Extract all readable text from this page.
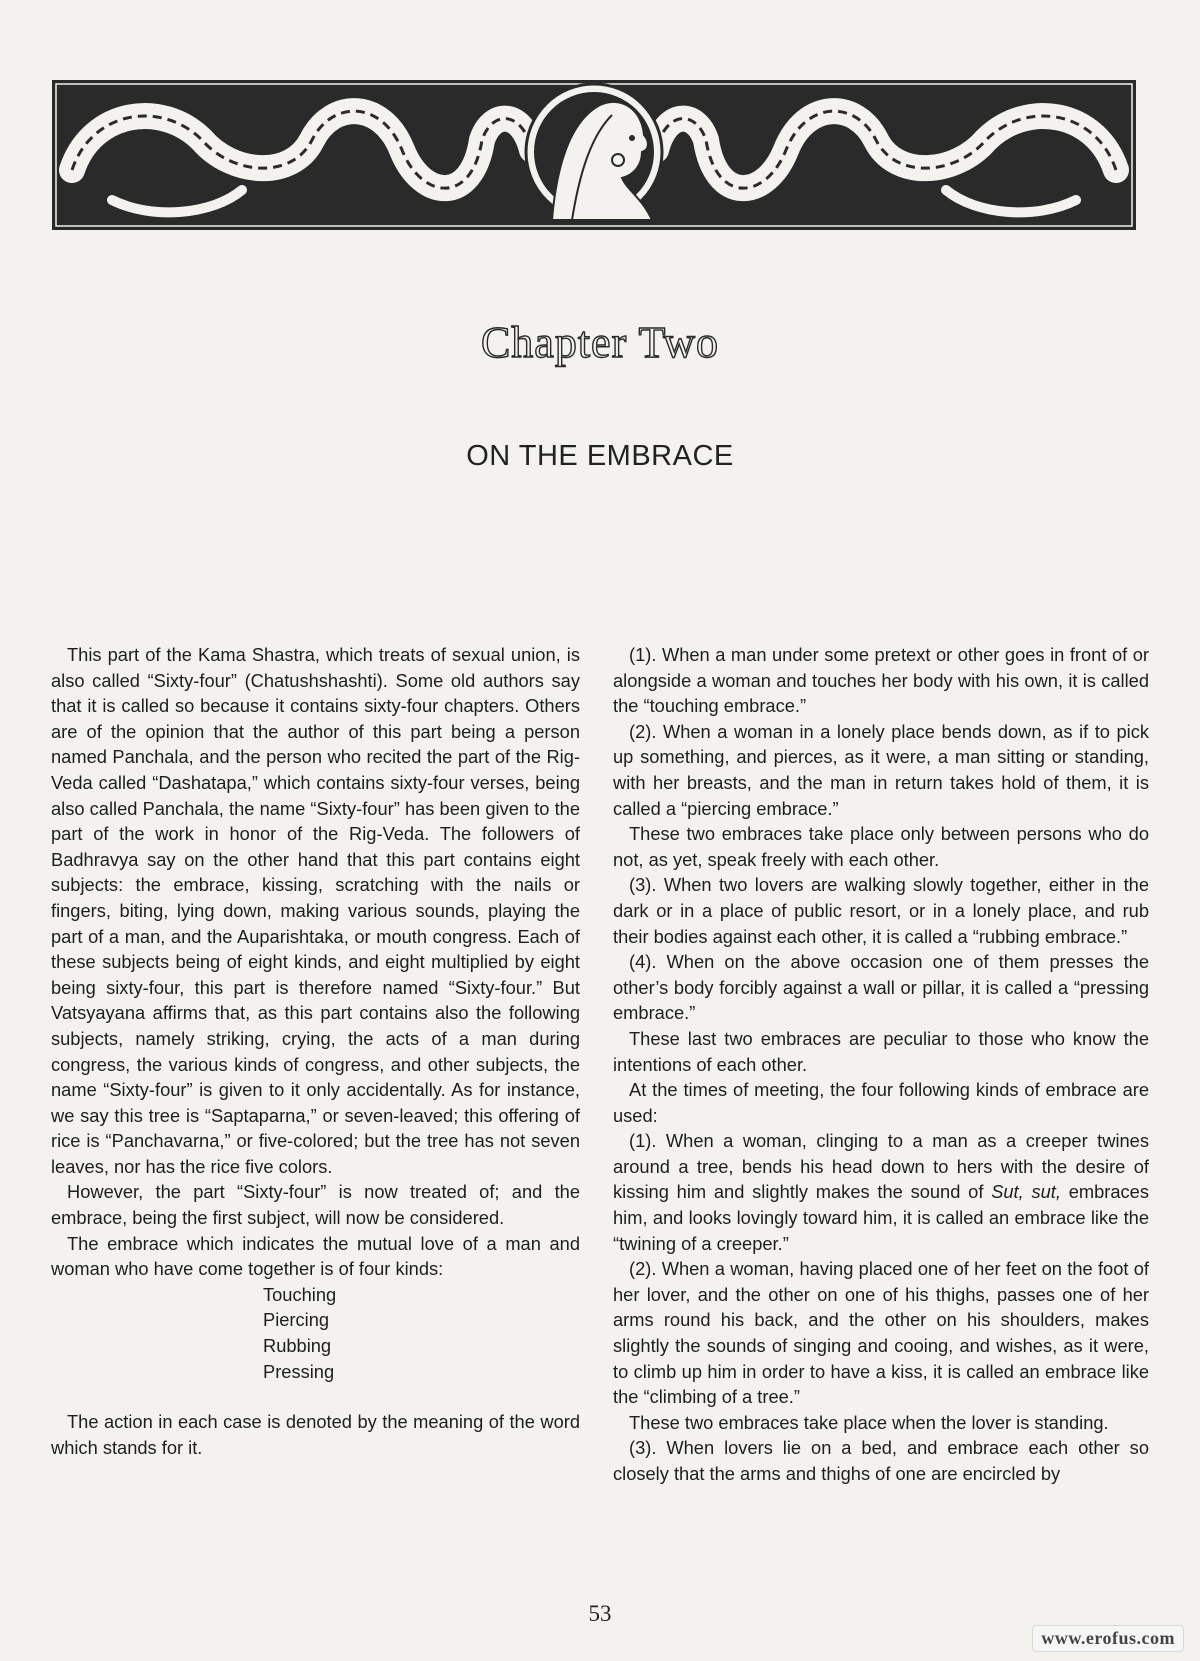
Chapter Two
ON THE EMBRACE

This part of the Kama Shastra, which treats of sexual union, is also called “Sixty-four” (Chatushshashti). Some old authors say that it is called so because it contains sixty-four chapters. Others are of the opinion that the author of this part being a person named Panchala, and the person who recited the part of the Rig-Veda called “Dashatapa,” which contains sixty-four verses, being also called Panchala, the name “Sixty-four” has been given to the part of the work in honor of the Rig-Veda. The followers of Badhravya say on the other hand that this part contains eight subjects: the embrace, kissing, scratching with the nails or fingers, biting, lying down, making various sounds, playing the part of a man, and the Auparishtaka, or mouth congress. Each of these subjects being of eight kinds, and eight multiplied by eight being sixty-four, this part is therefore named “Sixty-four.” But Vatsyayana affirms that, as this part contains also the following subjects, namely striking, crying, the acts of a man during congress, the various kinds of congress, and other subjects, the name “Sixty-four” is given to it only accidentally. As for instance, we say this tree is “Saptaparna,” or seven-leaved; this offering of rice is “Panchavarna,” or five-colored; but the tree has not seven leaves, nor has the rice five colors.

However, the part “Sixty-four” is now treated of; and the embrace, being the first subject, will now be considered.

The embrace which indicates the mutual love of a man and woman who have come together is of four kinds:

Touching
Piercing
Rubbing
Pressing

The action in each case is denoted by the meaning of the word which stands for it.

(1). When a man under some pretext or other goes in front of or alongside a woman and touches her body with his own, it is called the “touching embrace.”

(2). When a woman in a lonely place bends down, as if to pick up something, and pierces, as it were, a man sitting or standing, with her breasts, and the man in return takes hold of them, it is called a “piercing embrace.”

These two embraces take place only between persons who do not, as yet, speak freely with each other.

(3). When two lovers are walking slowly together, either in the dark or in a place of public resort, or in a lonely place, and rub their bodies against each other, it is called a “rubbing embrace.”

(4). When on the above occasion one of them presses the other’s body forcibly against a wall or pillar, it is called a “pressing embrace.”

These last two embraces are peculiar to those who know the intentions of each other.

At the times of meeting, the four following kinds of embrace are used:

(1). When a woman, clinging to a man as a creeper twines around a tree, bends his head down to hers with the desire of kissing him and slightly makes the sound of Sut, sut, embraces him, and looks lovingly toward him, it is called an embrace like the “twining of a creeper.”

(2). When a woman, having placed one of her feet on the foot of her lover, and the other on one of his thighs, passes one of her arms round his back, and the other on his shoulders, makes slightly the sounds of singing and cooing, and wishes, as it were, to climb up him in order to have a kiss, it is called an embrace like the “climbing of a tree.”

These two embraces take place when the lover is standing.

(3). When lovers lie on a bed, and embrace each other so closely that the arms and thighs of one are encircled by

53
www.erofus.com
